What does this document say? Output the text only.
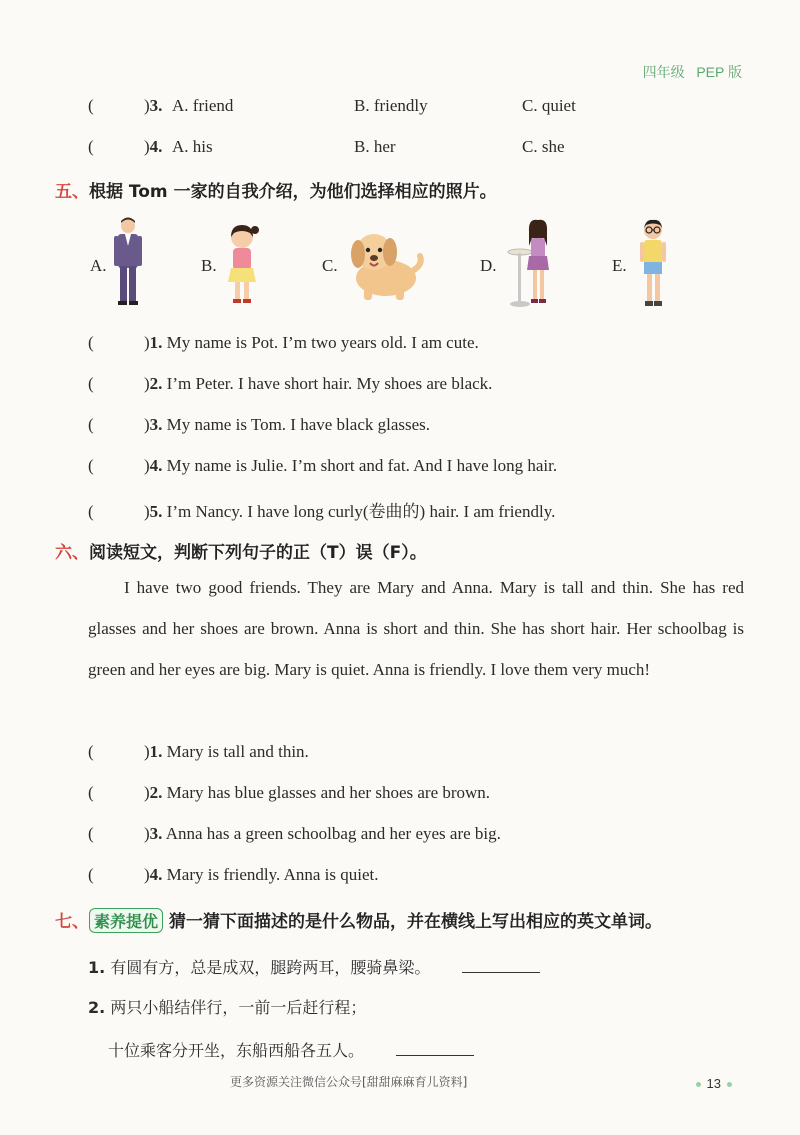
四年级 PEP 版
(	)3. A. friend	B. friendly	C. quiet
(	)4. A. his	B. her	C. she
五、根据 Tom 一家的自我介绍，为他们选择相应的照片。
A.	B.	C.	D.	E.
(	)1. My name is Pot. I’m two years old. I am cute.
(	)2. I’m Peter. I have short hair. My shoes are black.
(	)3. My name is Tom. I have black glasses.
(	)4. My name is Julie. I’m short and fat. And I have long hair.
(	)5. I’m Nancy. I have long curly(卷曲的) hair. I am friendly.
六、阅读短文，判断下列句子的正（T）误（F）。
I have two good friends. They are Mary and Anna. Mary is tall and thin. She has red glasses and her shoes are brown. Anna is short and thin. She has short hair. Her schoolbag is green and her eyes are big. Mary is quiet. Anna is friendly. I love them very much!
(	)1. Mary is tall and thin.
(	)2. Mary has blue glasses and her shoes are brown.
(	)3. Anna has a green schoolbag and her eyes are big.
(	)4. Mary is friendly. Anna is quiet.
七、 素养提优 猜一猜下面描述的是什么物品，并在横线上写出相应的英文单词。
1. 有圆有方，总是成双，腿跨两耳，腰骑鼻梁。
2. 两只小船结伴行，一前一后赶行程；
十位乘客分开坐，东船西船各五人。
更多资源关注微信公众号[甜甜麻麻育儿资料]	13
